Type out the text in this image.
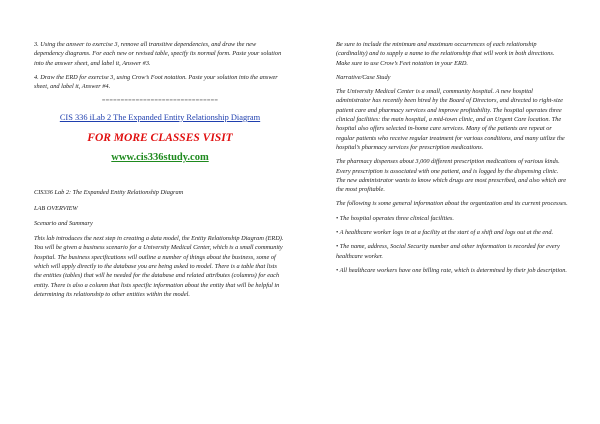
3. Using the answer to exercise 3, remove all transitive dependencies, and draw the new dependency diagrams. For each new or revised table, specify its normal form. Paste your solution into the answer sheet, and label it, Answer #3.

4. Draw the ERD for exercise 3, using Crow’s Foot notation. Paste your solution into the answer sheet, and label it, Answer #4.

===============================

CIS 336 iLab 2 The Expanded Entity Relationship Diagram

FOR MORE CLASSES VISIT

www.cis336study.com

CIS336 Lab 2: The Expanded Entity Relationship Diagram

LAB OVERVIEW

Scenario and Summary

This lab introduces the next step in creating a data model, the Entity Relationship Diagram (ERD). You will be given a business scenario for a University Medical Center, which is a small community hospital. The business specifications will outline a number of things about the business, some of which will apply directly to the database you are being asked to model. There is a table that lists the entities (tables) that will be needed for the database and related attributes (columns) for each entity. There is also a column that lists specific information about the entity that will be helpful in determining its relationship to other entities within the model.

Be sure to include the minimum and maximum occurrences of each relationship (cardinality) and to supply a name to the relationship that will work in both directions. Make sure to use Crow’s Feet notation in your ERD.

Narrative/Case Study

The University Medical Center is a small, community hospital. A new hospital administrator has recently been hired by the Board of Directors, and directed to right-size patient care and pharmacy services and improve profitability. The hospital operates three clinical facilities: the main hospital, a mid-town clinic, and an Urgent Care location. The hospital also offers selected in-home care services. Many of the patients are repeat or regular patients who receive regular treatment for various conditions, and many utilize the hospital’s pharmacy services for prescription medications.

The pharmacy dispenses about 3,000 different prescription medications of various kinds. Every prescription is associated with one patient, and is logged by the dispensing clinic. The new administrator wants to know which drugs are most prescribed, and also which are the most profitable.

The following is some general information about the organization and its current processes.

• The hospital operates three clinical facilities.

• A healthcare worker logs in at a facility at the start of a shift and logs out at the end.

• The name, address, Social Security number and other information is recorded for every healthcare worker.

• All healthcare workers have one billing rate, which is determined by their job description.
